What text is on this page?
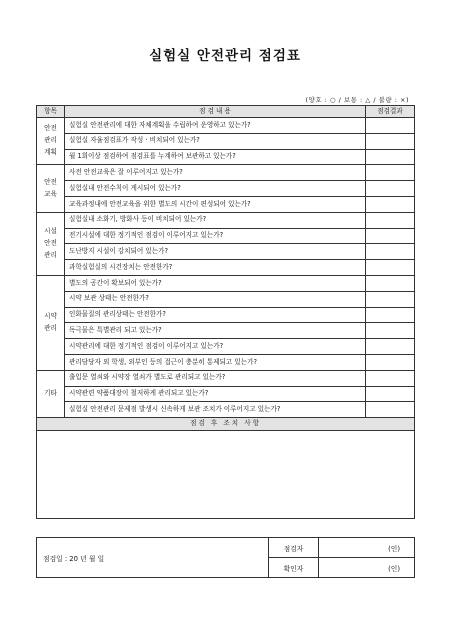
실험실 안전관리 점검표
(양호 : ○ / 보통 : △ / 불량 : ×)
항목	점 검 내 용	점검결과

안전
관리
계획	실험실 안전관리에 대한 자체계획을 수립하여 운영하고 있는가?	
	실험실 자율점검표가 작성ㆍ비치되어 있는가?	
	월 1회이상 점검하여 점검표를 누계하여 보관하고 있는가?	

안전
교육	사전 안전교육은 잘 이루어지고 있는가?	
	실험실내 안전수칙이 게시되어 있는가?	
	교육과정내에 안전교육을 위한 별도의 시간이 편성되어 있는가?	

시설
안전
관리	실험실내 소화기, 방화사 등이 비치되어 있는가?	
	전기시설에 대한 정기적인 점검이 이루어지고 있는가?	
	도난방지 시설이 강치되어 있는가?	
	과학실험실의 시건장치는 안전한가?	

시약
관리	별도의 공간이 확보되어 있는가?	
	시약 보관 상태는 안전한가?	
	인화물질의 관리상태는 안전한가?	
	독극물은 특별관리 되고 있는가?	
	시약관리에 대한 정기적인 점검이 이루어지고 있는가?	
	관리담당자 외 학생, 외부인 등의 접근이 충분히 통제되고 있는가?	

기타	출입문 열쇠와 시약장 열쇠가 별도로 관리되고 있는가?	
	시약관련 약품대장이 철저하게 관리되고 있는가?	
	실험실 안전관리 문제점 발생시 신속하게 보관 조치가 이루어지고 있는가?	
점검 후 조치 사항		

점검일 : 20 년 월 일	점검자	(인)
	확인자	(인)
